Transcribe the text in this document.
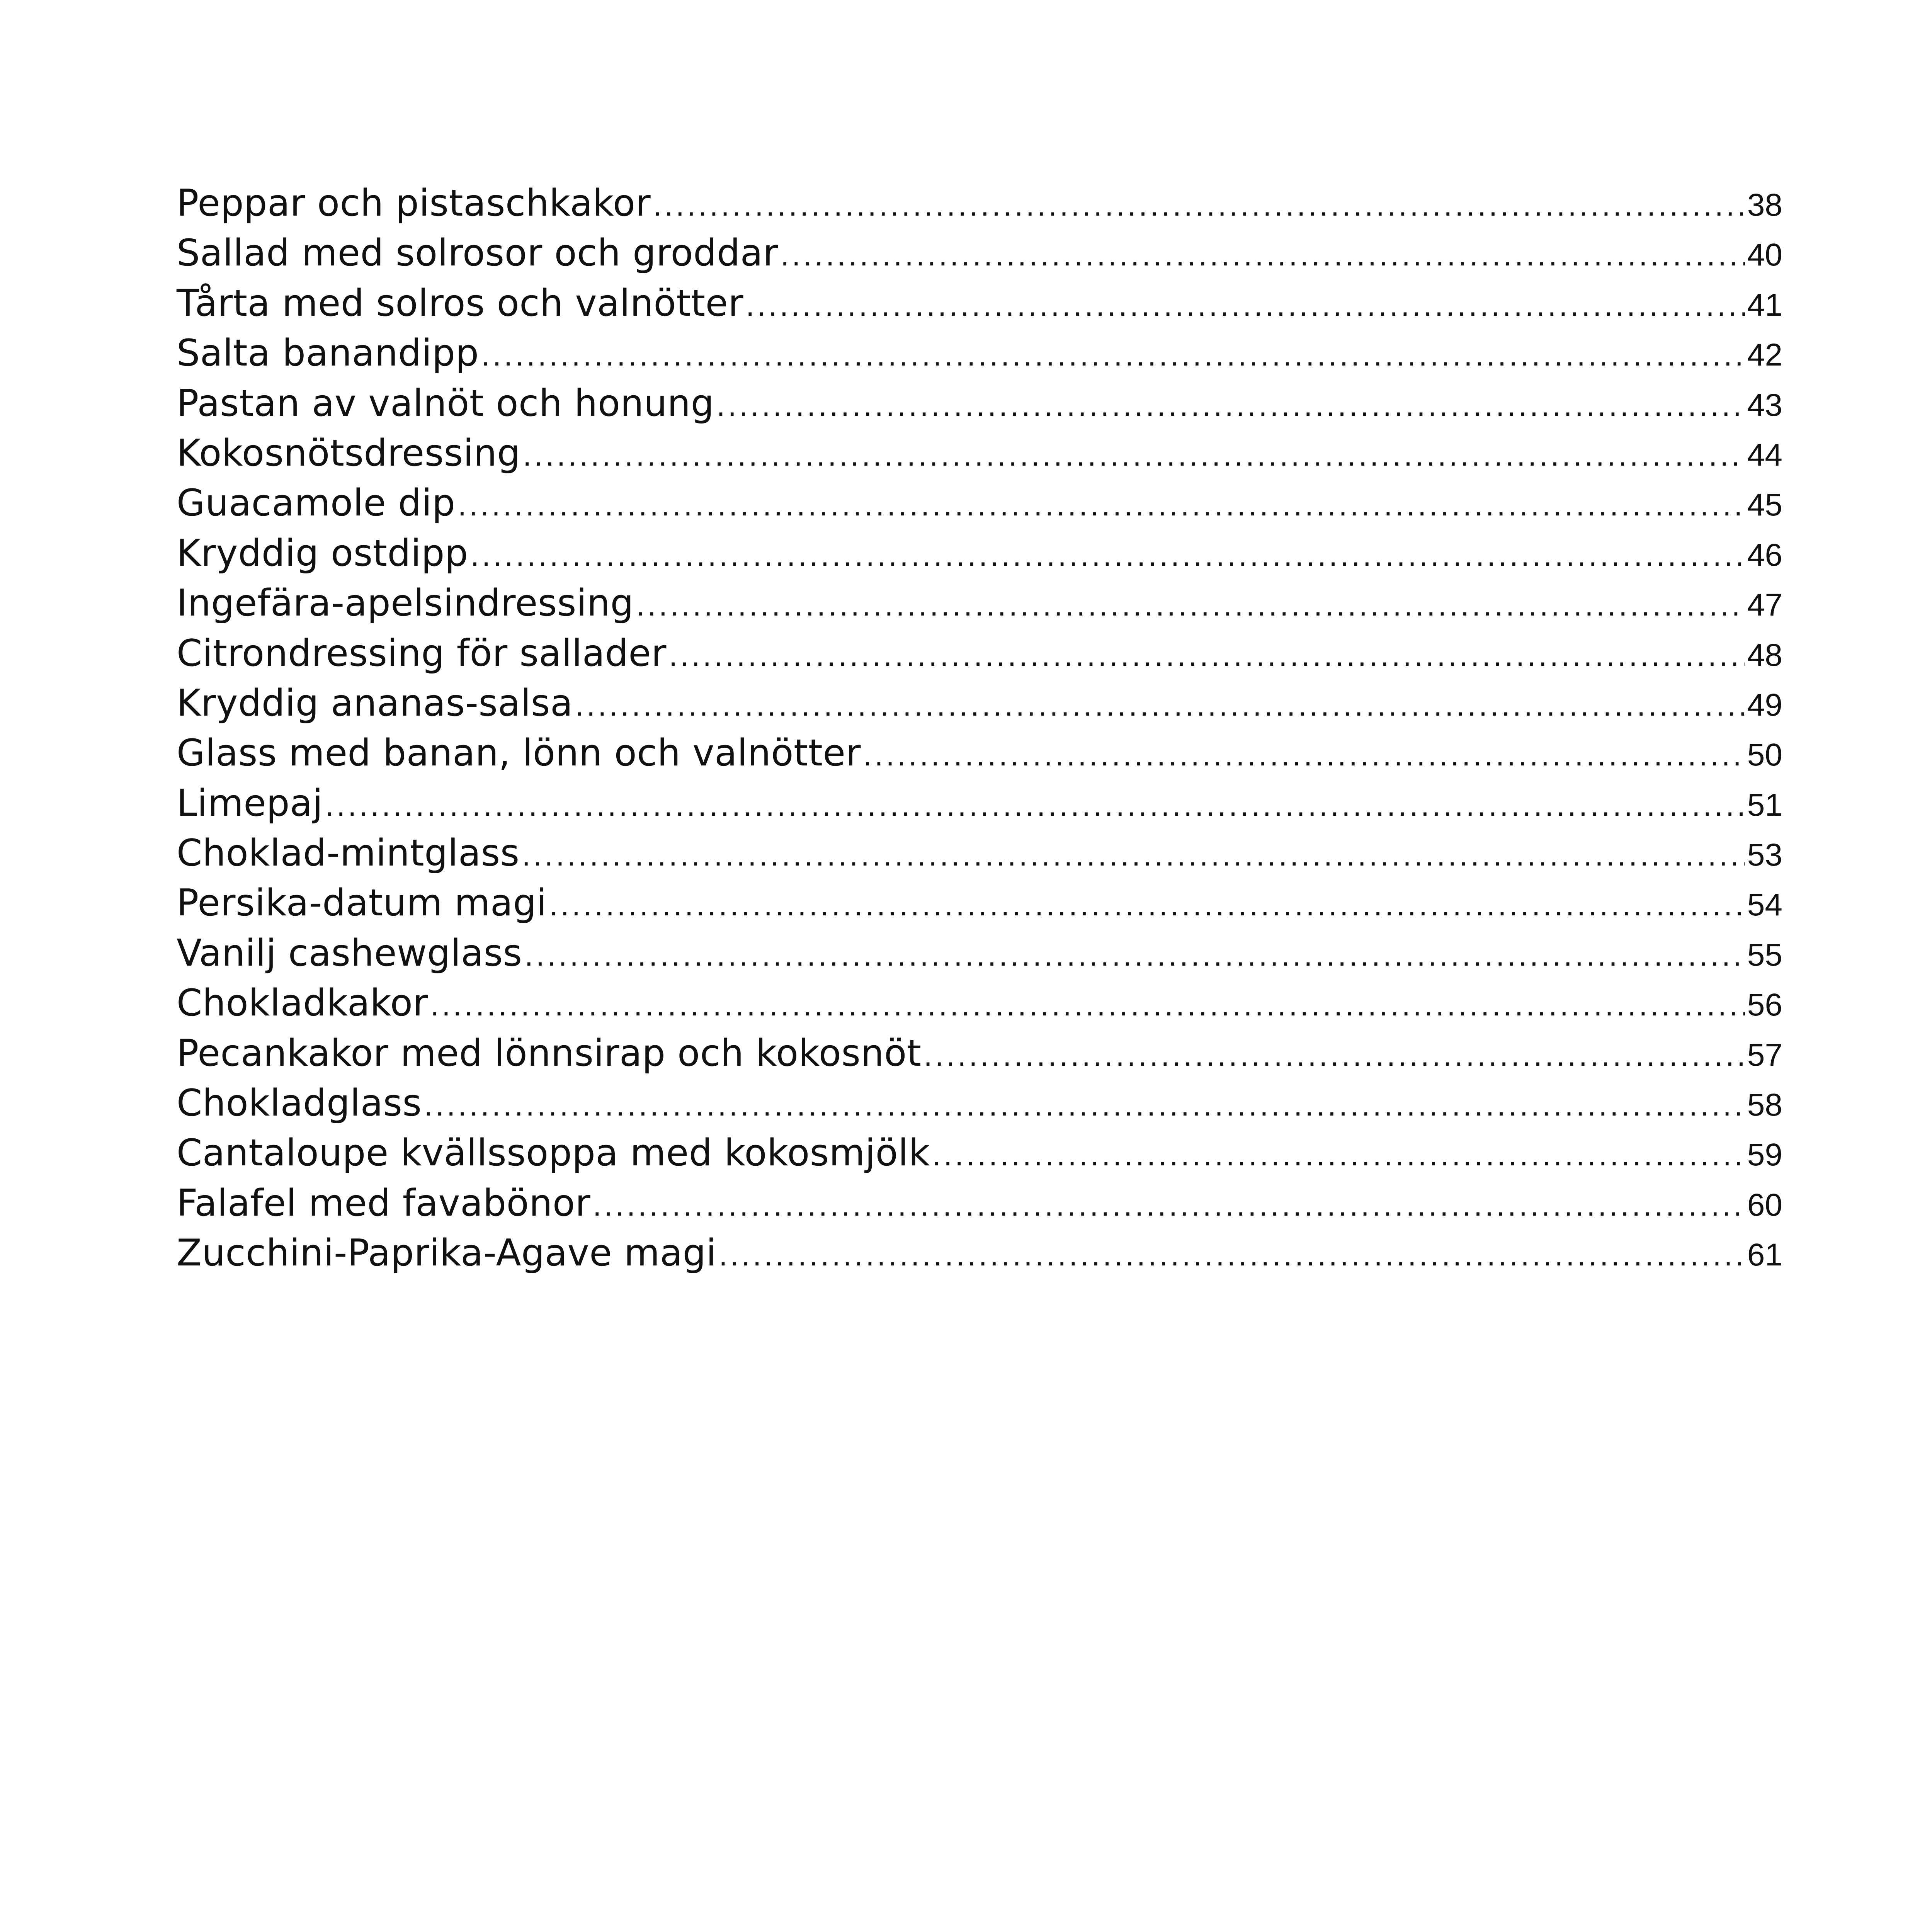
Peppar och pistaschkakor .....	38
Sallad med solrosor och groddar .....	40
Tårta med solros och valnötter .....	41
Salta banandipp .....	42
Pastan av valnöt och honung .....	43
Kokosnötsdressing .....	44
Guacamole dip .....	45
Kryddig ostdipp .....	46
Ingefära-apelsindressing .....	47
Citrondressing för sallader .....	48
Kryddig ananas-salsa .....	49
Glass med banan, lönn och valnötter .....	50
Limepaj .....	51
Choklad-mintglass .....	53
Persika-datum magi .....	54
Vanilj cashewglass .....	55
Chokladkakor .....	56
Pecankakor med lönnsirap och kokosnöt .....	57
Chokladglass .....	58
Cantaloupe kvällssoppa med kokosmjölk .....	59
Falafel med favabönor .....	60
Zucchini-Paprika-Agave magi .....	61
